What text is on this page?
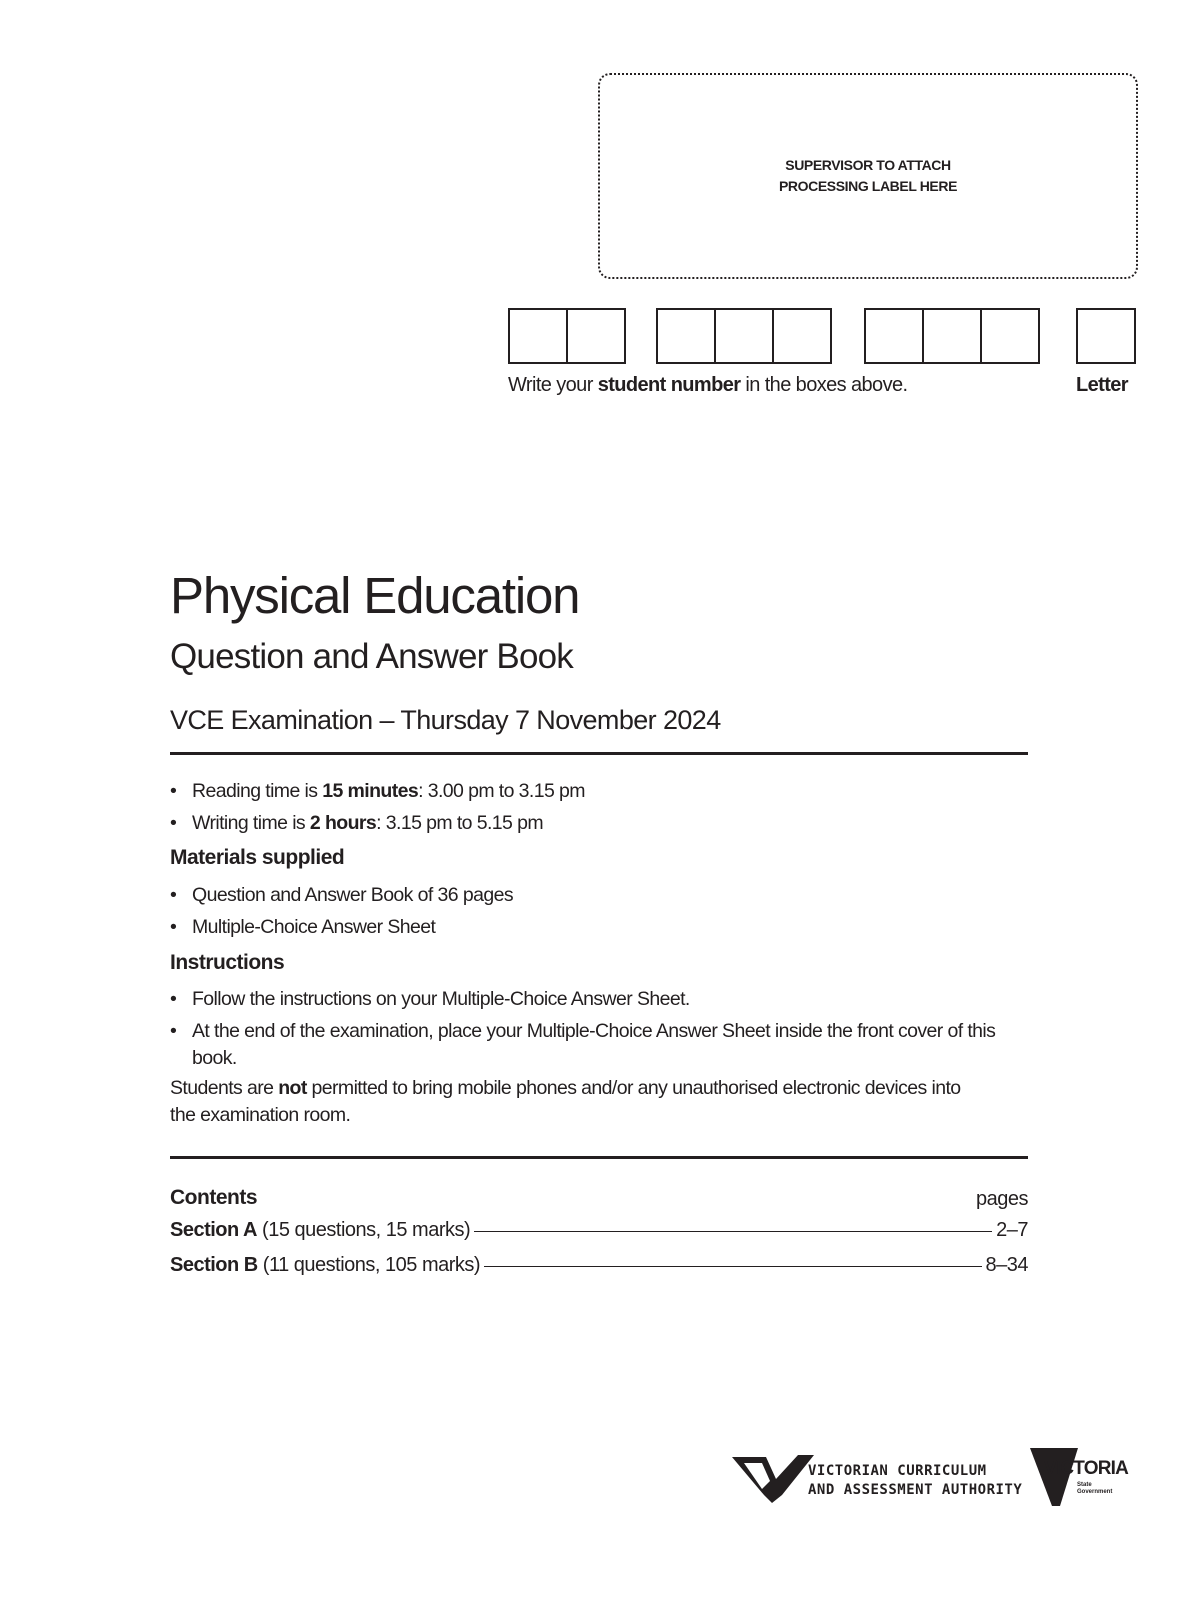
SUPERVISOR TO ATTACH
PROCESSING LABEL HERE
Write your student number in the boxes above.	Letter
Physical Education
Question and Answer Book
VCE Examination – Thursday 7 November 2024
• Reading time is 15 minutes: 3.00 pm to 3.15 pm
• Writing time is 2 hours: 3.15 pm to 5.15 pm
Materials supplied
• Question and Answer Book of 36 pages
• Multiple-Choice Answer Sheet
Instructions
• Follow the instructions on your Multiple-Choice Answer Sheet.
• At the end of the examination, place your Multiple-Choice Answer Sheet inside the front cover of this book.
Students are not permitted to bring mobile phones and/or any unauthorised electronic devices into the examination room.
Contents	pages
Section A (15 questions, 15 marks)	2–7
Section B (11 questions, 105 marks)	8–34
VICTORIAN CURRICULUM
AND ASSESSMENT AUTHORITY
VICTORIA
State
Government
